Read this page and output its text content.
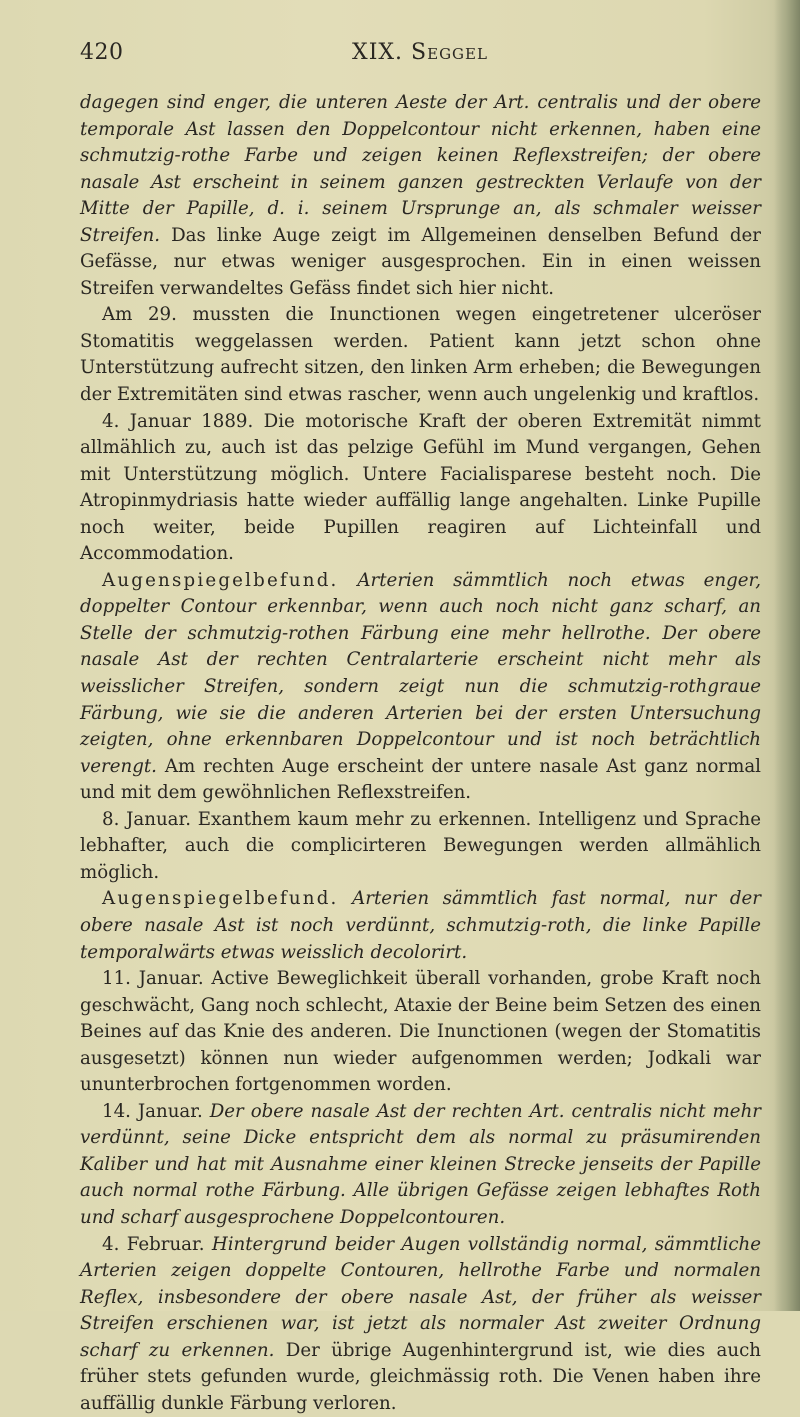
420	XIX. Seggel

dagegen sind enger, die unteren Aeste der Art. centralis und der obere temporale Ast lassen den Doppelcontour nicht erkennen, haben eine schmutzig-rothe Farbe und zeigen keinen Reflexstreifen; der obere nasale Ast erscheint in seinem ganzen gestreckten Verlaufe von der Mitte der Papille, d. i. seinem Ursprunge an, als schmaler weisser Streifen. Das linke Auge zeigt im Allgemeinen denselben Befund der Gefässe, nur etwas weniger ausgesprochen. Ein in einen weissen Streifen verwandeltes Gefäss findet sich hier nicht.

Am 29. mussten die Inunctionen wegen eingetretener ulceröser Stomatitis weggelassen werden. Patient kann jetzt schon ohne Unterstützung aufrecht sitzen, den linken Arm erheben; die Bewegungen der Extremitäten sind etwas rascher, wenn auch ungelenkig und kraftlos.

4. Januar 1889. Die motorische Kraft der oberen Extremität nimmt allmählich zu, auch ist das pelzige Gefühl im Mund vergangen, Gehen mit Unterstützung möglich. Untere Facialisparese besteht noch. Die Atropinmydriasis hatte wieder auffällig lange angehalten. Linke Pupille noch weiter, beide Pupillen reagiren auf Lichteinfall und Accommodation.

Augenspiegelbefund. Arterien sämmtlich noch etwas enger, doppelter Contour erkennbar, wenn auch noch nicht ganz scharf, an Stelle der schmutzig-rothen Färbung eine mehr hellrothe. Der obere nasale Ast der rechten Centralarterie erscheint nicht mehr als weisslicher Streifen, sondern zeigt nun die schmutzig-rothgraue Färbung, wie sie die anderen Arterien bei der ersten Untersuchung zeigten, ohne erkennbaren Doppelcontour und ist noch beträchtlich verengt. Am rechten Auge erscheint der untere nasale Ast ganz normal und mit dem gewöhnlichen Reflexstreifen.

8. Januar. Exanthem kaum mehr zu erkennen. Intelligenz und Sprache lebhafter, auch die complicirteren Bewegungen werden allmählich möglich.

Augenspiegelbefund. Arterien sämmtlich fast normal, nur der obere nasale Ast ist noch verdünnt, schmutzig-roth, die linke Papille temporalwärts etwas weisslich decolorirt.

11. Januar. Active Beweglichkeit überall vorhanden, grobe Kraft noch geschwächt, Gang noch schlecht, Ataxie der Beine beim Setzen des einen Beines auf das Knie des anderen. Die Inunctionen (wegen der Stomatitis ausgesetzt) können nun wieder aufgenommen werden; Jodkali war ununterbrochen fortgenommen worden.

14. Januar. Der obere nasale Ast der rechten Art. centralis nicht mehr verdünnt, seine Dicke entspricht dem als normal zu präsumirenden Kaliber und hat mit Ausnahme einer kleinen Strecke jenseits der Papille auch normal rothe Färbung. Alle übrigen Gefässe zeigen lebhaftes Roth und scharf ausgesprochene Doppelcontouren.

4. Februar. Hintergrund beider Augen vollständig normal, sämmtliche Arterien zeigen doppelte Contouren, hellrothe Farbe und normalen Reflex, insbesondere der obere nasale Ast, der früher als weisser Streifen erschienen war, ist jetzt als normaler Ast zweiter Ordnung scharf zu erkennen. Der übrige Augenhintergrund ist, wie dies auch früher stets gefunden wurde, gleichmässig roth. Die Venen haben ihre auffällig dunkle Färbung verloren.
